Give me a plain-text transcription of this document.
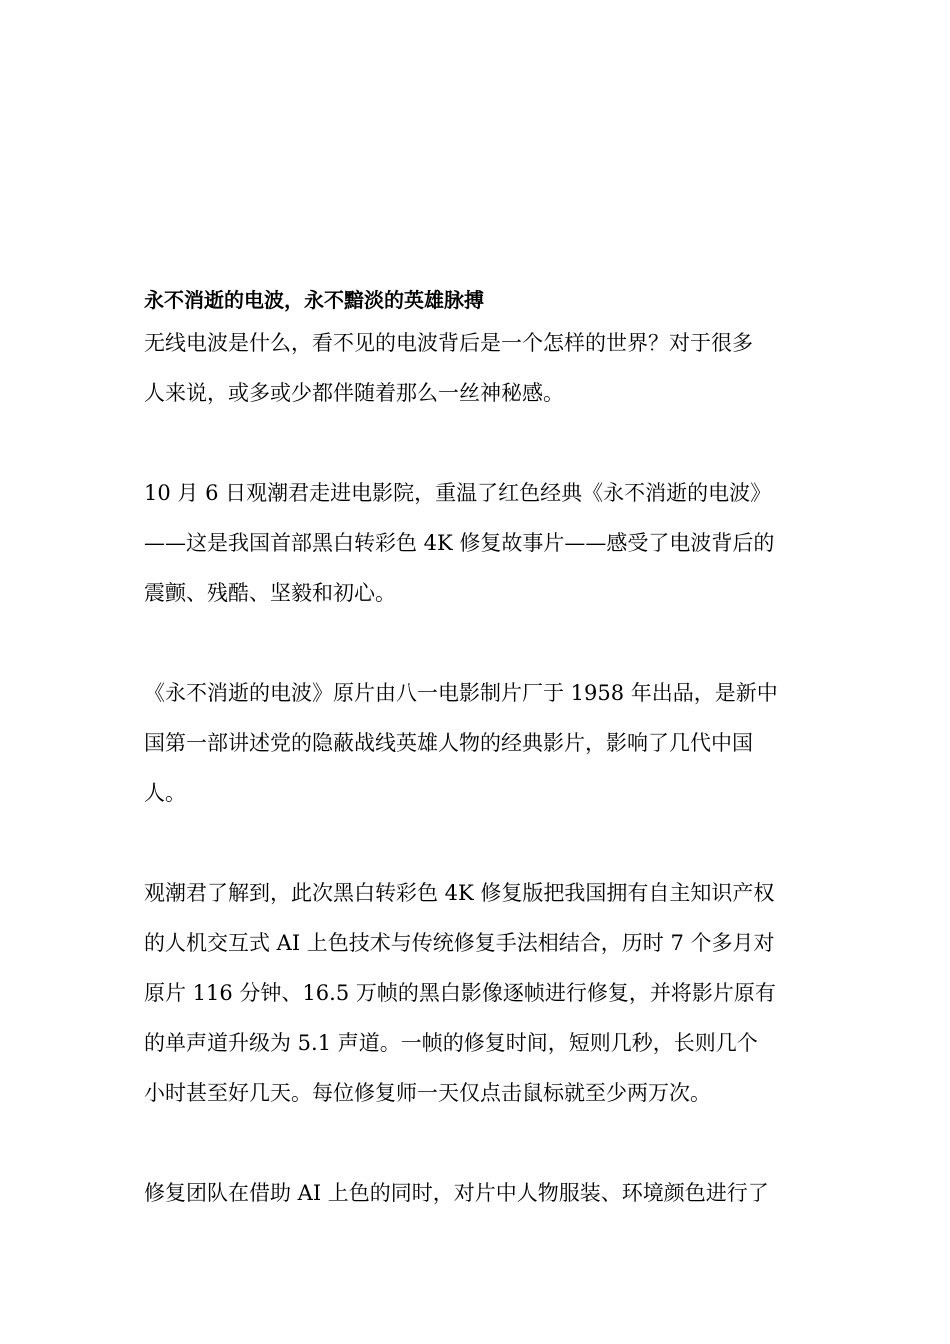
永不消逝的电波，永不黯淡的英雄脉搏
无线电波是什么，看不见的电波背后是一个怎样的世界？对于很多
人来说，或多或少都伴随着那么一丝神秘感。
10 月 6 日观潮君走进电影院，重温了红色经典《永不消逝的电波》
——这是我国首部黑白转彩色 4K 修复故事片——感受了电波背后的
震颤、残酷、坚毅和初心。
《永不消逝的电波》原片由八一电影制片厂于 1958 年出品，是新中
国第一部讲述党的隐蔽战线英雄人物的经典影片，影响了几代中国
人。
观潮君了解到，此次黑白转彩色 4K 修复版把我国拥有自主知识产权
的人机交互式 AI 上色技术与传统修复手法相结合，历时 7 个多月对
原片 116 分钟、16.5 万帧的黑白影像逐帧进行修复，并将影片原有
的单声道升级为 5.1 声道。一帧的修复时间，短则几秒，长则几个
小时甚至好几天。每位修复师一天仅点击鼠标就至少两万次。
修复团队在借助 AI 上色的同时，对片中人物服装、环境颜色进行了
